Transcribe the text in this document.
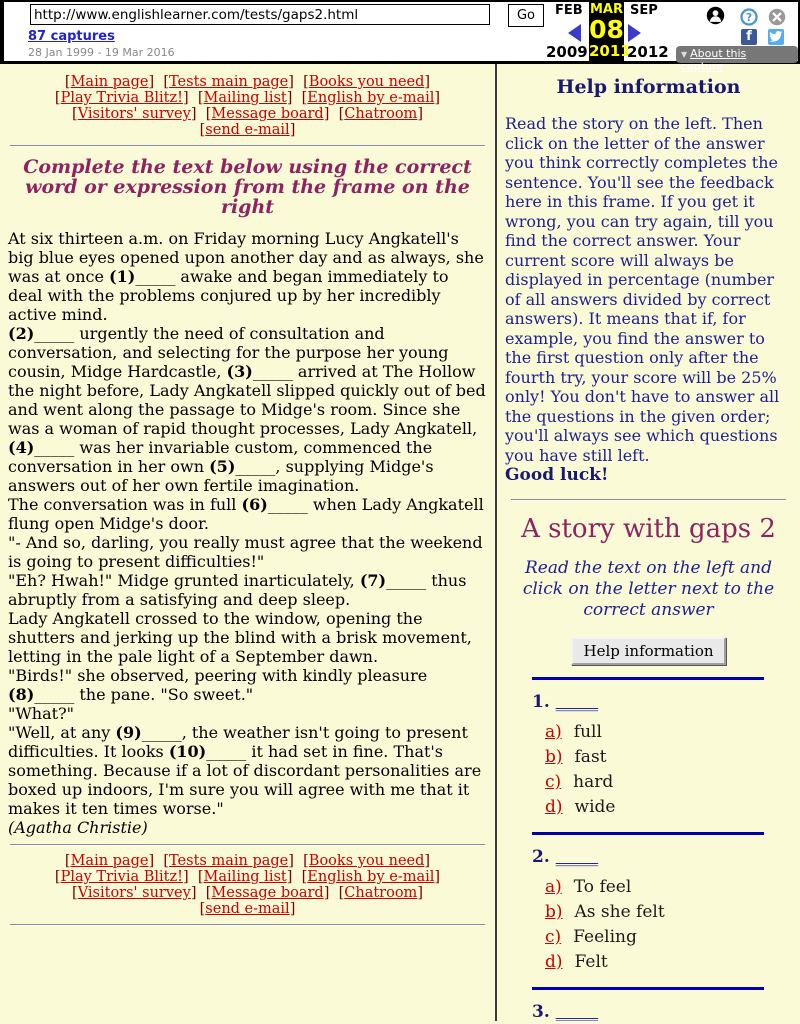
http://www.englishlearner.com/tests/gaps2.html
Go
87 captures
28 Jan 1999 - 19 Mar 2016
FEB MAR
08
2011
SEP
2009	2012
?
f
▼ About this capture
[Main page] [Tests main page] [Books you need]
[Play Trivia Blitz!] [Mailing list] [English by e-mail]
[Visitors' survey] [Message board] [Chatroom]
[send e-mail]
Complete the text below using the correct word or expression from the frame on the right
At six thirteen a.m. on Friday morning Lucy Angkatell's big blue eyes opened upon another day and as always, she was at once (1)_____ awake and began immediately to deal with the problems conjured up by her incredibly active mind.
(2)_____ urgently the need of consultation and conversation, and selecting for the purpose her young cousin, Midge Hardcastle, (3)_____ arrived at The Hollow the night before, Lady Angkatell slipped quickly out of bed and went along the passage to Midge's room. Since she was a woman of rapid thought processes, Lady Angkatell, (4)_____ was her invariable custom, commenced the conversation in her own (5)_____, supplying Midge's answers out of her own fertile imagination.
The conversation was in full (6)_____ when Lady Angkatell flung open Midge's door.
"- And so, darling, you really must agree that the weekend is going to present difficulties!"
"Eh? Hwah!" Midge grunted inarticulately, (7)_____ thus abruptly from a satisfying and deep sleep.
Lady Angkatell crossed to the window, opening the shutters and jerking up the blind with a brisk movement, letting in the pale light of a September dawn.
"Birds!" she observed, peering with kindly pleasure (8)_____ the pane. "So sweet."
"What?"
"Well, at any (9)_____, the weather isn't going to present difficulties. It looks (10)_____ it had set in fine. That's something. Because if a lot of discordant personalities are boxed up indoors, I'm sure you will agree with me that it makes it ten times worse."
(Agatha Christie)
[Main page] [Tests main page] [Books you need]
[Play Trivia Blitz!] [Mailing list] [English by e-mail]
[Visitors' survey] [Message board] [Chatroom]
[send e-mail]
Help information
Read the story on the left. Then click on the letter of the answer you think correctly completes the sentence. You'll see the feedback here in this frame. If you get it wrong, you can try again, till you find the correct answer. Your current score will always be displayed in percentage (number of all answers divided by correct answers). It means that if, for example, you find the answer to the first question only after the fourth try, your score will be 25% only! You don't have to answer all the questions in the given order; you'll always see which questions you have still left.
Good luck!
A story with gaps 2
Read the text on the left and click on the letter next to the correct answer
Help information
1. _____
a) full
b) fast
c) hard
d) wide
2. _____
a) To feel
b) As she felt
c) Feeling
d) Felt
3. _____
